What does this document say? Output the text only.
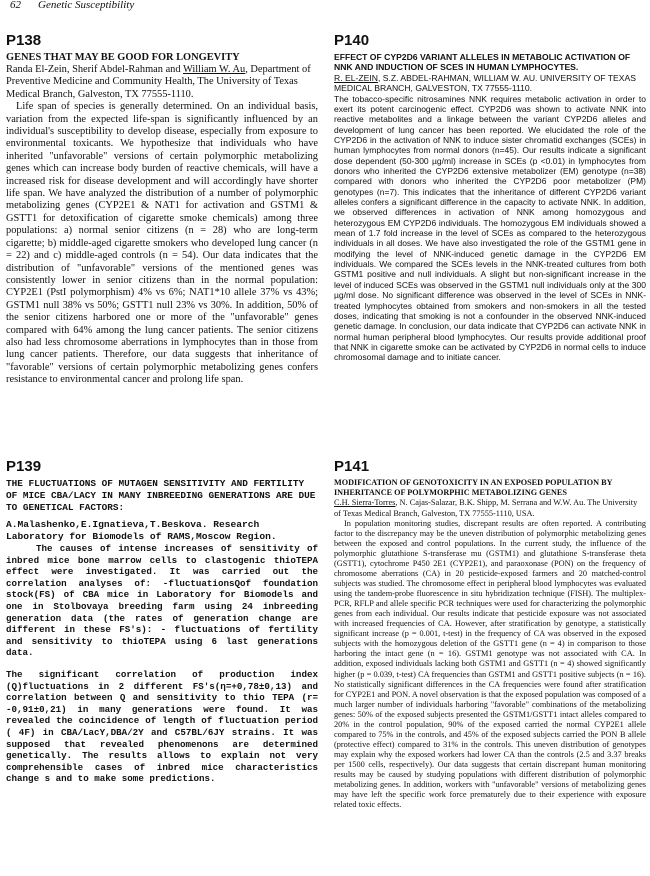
62 Genetic Susceptibility
P138
GENES THAT MAY BE GOOD FOR LONGEVITY
Randa El-Zein, Sherif Abdel-Rahman and William W. Au, Department of Preventive Medicine and Community Health, The University of Texas Medical Branch, Galveston, TX 77555-1110.

Life span of species is generally determined. On an individual basis, variation from the expected life-span is significantly influenced by an individual's susceptibility to develop disease, especially from exposure to environmental toxicants. We hypothesize that individuals who have inherited "unfavorable" versions of certain polymorphic metabolizing genes which can increase body burden of reactive chemicals, will have a increased risk for disease development and will accordingly have shorter life span. We have analyzed the distribution of a number of polymorphic metabolizing genes (CYP2E1 & NAT1 for activation and GSTM1 & GSTT1 for detoxification of cigarette smoke chemicals) among three populations: a) normal senior citizens (n = 28) who are long-term cigarette; b) middle-aged cigarette smokers who developed lung cancer (n = 22) and c) middle-aged controls (n = 54). Our data indicates that the distribution of "unfavorable" versions of the mentioned genes was consistently lower in senior citizens than in the normal population: CYP2E1 (PstI polymorphism) 4% vs 6%; NAT1*10 allele 37% vs 43%; GSTM1 null 38% vs 50%; GSTT1 null 23% vs 30%. In addition, 50% of the senior citizens harbored one or more of the "unfavorable" genes compared with 64% among the lung cancer patients. The senior citizens also had less chromosome aberrations in lymphocytes than in those from lung cancer patients. Therefore, our data suggests that inheritance of "favorable" versions of certain polymorphic metabolizing genes confers resistance to environmental cancer and prolong life span.

P139
THE FLUCTUATIONS OF MUTAGEN SENSITIVITY AND FERTILITY OF MICE CBA/LACY IN MANY INBREEDING GENERATIONS ARE DUE TO GENETICAL FACTORS:
A.Malashenko,E.Ignatieva,T.Beskova. Research Laboratory for Biomodels of RAMS,Moscow Region.

The causes of intense increases of sensitivity of inbred mice bone marrow cells to clastogenic thioTEPA effect were investigated. It was carried out the correlation analyses of: -fluctuationsQof foundation stock(FS) of CBA mice in Laboratory for Biomodels and one in Stolbovaya breeding farm using 24 inbreeding generation data (the rates of generation change are different in these FS's): - fluctuations of fertility and sensitivity to thioTEPA using 6 last generations data.

The significant correlation of production index (Q)fluctuations in 2 different FS's(η=+0,78±0,13) and correlation between Q and sensitivity to thio TEPA (r= -0,91±0,21) in many generations were found. It was revealed the coincidence of length of fluctuation period ( 4F) in CBA/LacY,DBA/2Y and C57BL/6JY strains. It was supposed that revealed phenomenons are determined genetically. The results allows to explain not very comprehensible cases of inbred mice characteristics change s and to make some predictions.

P140
EFFECT OF CYP2D6 VARIANT ALLELES IN METABOLIC ACTIVATION OF NNK AND INDUCTION OF SCES IN HUMAN LYMPHOCYTES.
R. EL-ZEIN, S.Z. ABDEL-RAHMAN, WILLIAM W. AU. UNIVERSITY OF TEXAS MEDICAL BRANCH, GALVESTON, TX 77555-1110.

The tobacco-specific nitrosamines NNK requires metabolic activation in order to exert its potent carcinogenic effect. CYP2D6 was shown to activate NNK into reactive metabolites and a linkage between the variant CYP2D6 alleles and development of lung cancer has been reported. We elucidated the role of the CYP2D6 in the activation of NNK to induce sister chromatid exchanges (SCEs) in human lymphocytes from normal donors (n=45). Our results indicate a significant dose dependent (50-300 µg/ml) increase in SCEs (p <0.01) in lymphocytes from donors who inherited the CYP2D6 extensive metabolizer (EM) genotype (n=38) compared with donors who inherited the CYP2D6 poor metabolizer (PM) genotypes (n=7). This indicates that the inheritance of different CYP2D6 variant alleles confers a significant difference in the capacity to activate NNK. In addition, we observed differences in activation of NNK among homozygous and heterozygous EM CYP2D6 individuals. The homozygous EM individuals showed a mean of 1.7 fold increase in the level of SCEs as compared to the heterozygous individuals in all doses. We have also investigated the role of the GSTM1 gene in modifying the level of NNK-induced genetic damage in the CYP2D6 EM individuals. We compared the SCEs levels in the NNK-treated cultures from both GSTM1 positive and null individuals. A slight but non-significant increase in the level of induced SCEs was observed in the GSTM1 null individuals only at the 300 µg/ml dose. No significant difference was observed in the level of SCEs in NNK-treated lymphocytes obtained from smokers and non-smokers in all the tested doses, indicating that smoking is not a confounder in the observed NNK-induced genetic damage. In conclusion, our data indicate that CYP2D6 can activate NNK in normal human peripheral blood lymphocytes. Our results provide additional proof that NNK in cigarette smoke can be activated by CYP2D6 in normal cells to induce chromosomal damage and to initiate cancer.

P141
MODIFICATION OF GENOTOXICITY IN AN EXPOSED POPULATION BY INHERITANCE OF POLYMORPHIC METABOLIZING GENES
C.H. Sierra-Torres, N. Cajas-Salazar, B.K. Shipp, M. Serrana and W.W. Au. The University of Texas Medical Branch, Galveston, TX 77555-1110, USA.

In population monitoring studies, discrepant results are often reported. A contributing factor to the discrepancy may be the uneven distribution of polymorphic metabolizing genes between the exposed and control populations. In the current study, the influence of the polymorphic glutathione S-transferase mu (GSTM1) and glutathione S-transferase theta (GSTT1), cytochrome P450 2E1 (CYP2E1), and paraoxonase (PON) on the frequency of chromosome aberrations (CA) in 20 pesticide-exposed farmers and 20 matched-control subjects was studied. The chromosome effect in peripheral blood lymphocytes was evaluated using the tandem-probe fluorescence in situ hybridization technique (FISH). The multiplex-PCR, RFLP and allele specific PCR techniques were used for characterizing the polymorphic genes from each individual. Our results indicate that pesticide exposure was not associated with increased frequencies of CA. However, after stratification by genotype, a statistically significant increase (p = 0.001, t-test) in the frequency of CA was observed in the exposed subjects with the homozygous deletion of the GSTT1 gene (n = 4) in comparison to those harboring the intact gene (n = 16). GSTM1 genotype was not associated with CA. In addition, exposed individuals lacking both GSTM1 and GSTT1 (n = 4) showed significantly higher (p = 0.039, t-test) CA frequencies than GSTM1 and GSTT1 positive subjects (n = 16). No statistically significant differences in the CA frequencies were found after stratification for CYP2E1 and PON. A novel observation is that the exposed population was composed of a much larger number of individuals harboring "favorable" combinations of the metabolizing genes: 50% of the exposed subjects presented the GSTM1/GSTT1 intact alleles compared to 20% in the control population, 90% of the exposed carried the normal CYP2E1 allele compared to 75% in the controls, and 45% of the exposed subjects carried the PON B allele (protective effect) compared to 31% in the controls. This uneven distribution of genotypes may explain why the exposed workers had lower CA than the controls (2.5 and 3.37 breaks per 1500 cells, respectively). Our data suggests that certain discrepant human monitoring results may be caused by studying populations with different distribution of polymorphic metabolizing genes. In addition, workers with "unfavorable" versions of metabolizing genes may have left the specific work force prematurely due to their experience with exposure related toxic effects.
